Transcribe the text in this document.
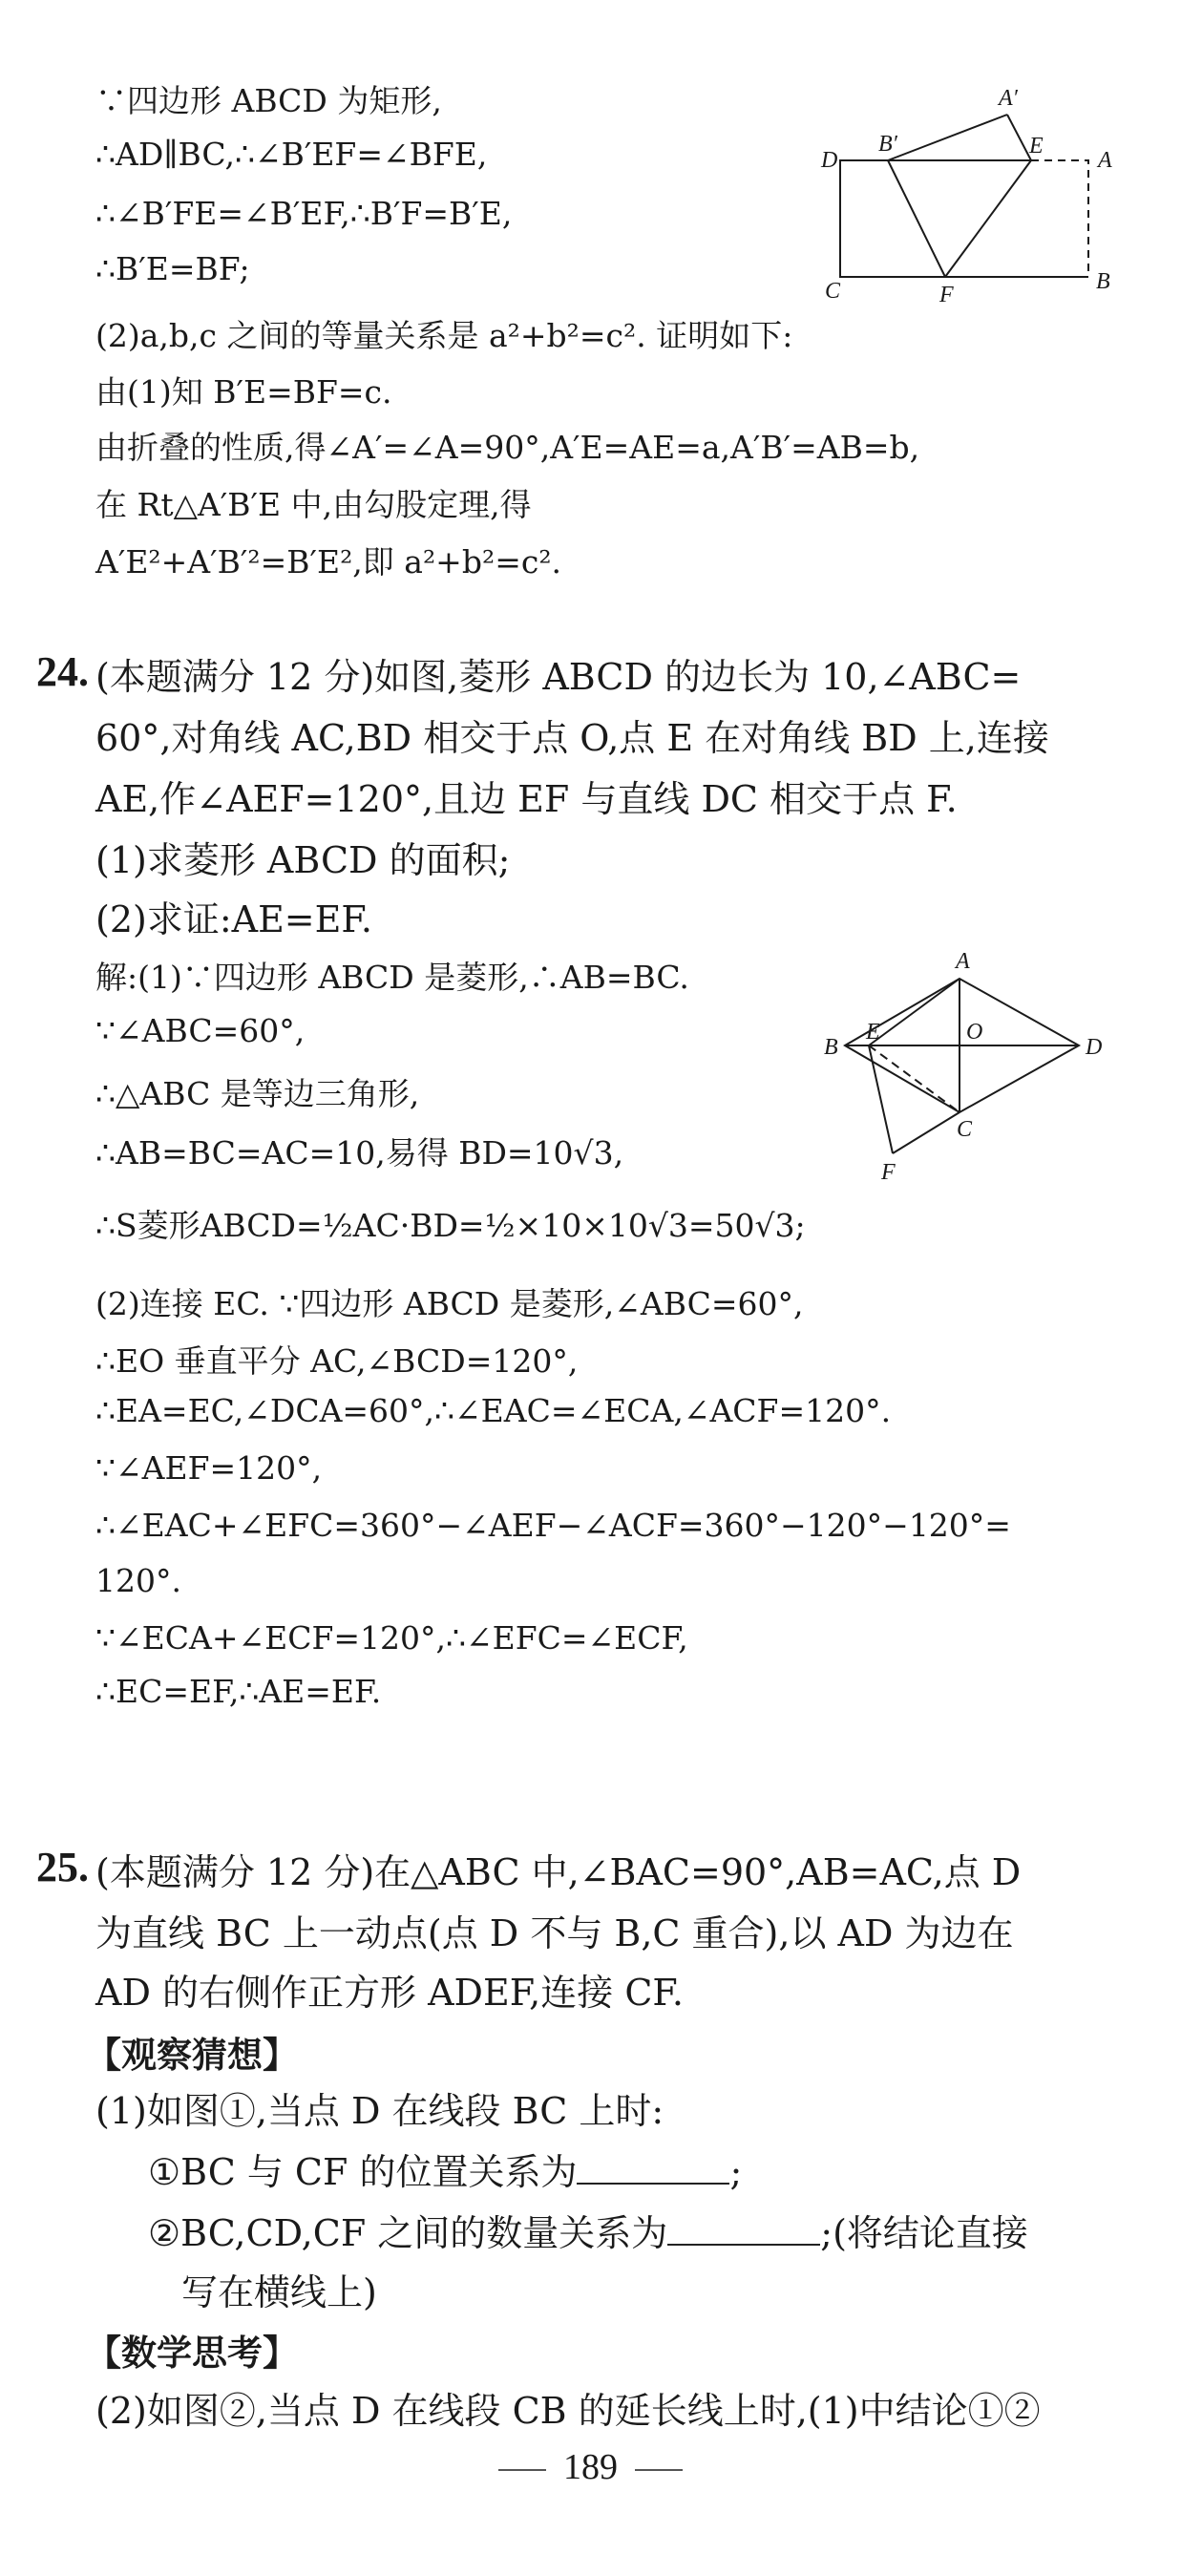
∵四边形 ABCD 为矩形,
∴AD∥BC,∴∠B′EF=∠BFE,
∴∠B′FE=∠B′EF,∴B′F=B′E,
∴B′E=BF;
(2)a,b,c 之间的等量关系是 a²+b²=c². 证明如下:
由(1)知 B′E=BF=c.
由折叠的性质,得∠A′=∠A=90°,A′E=AE=a,A′B′=AB=b,
在 Rt△A′B′E 中,由勾股定理,得
A′E²+A′B′²=B′E²,即 a²+b²=c².
D
B′
A′
E
A
C	F
B
24. (本题满分 12 分)如图,菱形 ABCD 的边长为 10,∠ABC=
60°,对角线 AC,BD 相交于点 O,点 E 在对角线 BD 上,连接
AE,作∠AEF=120°,且边 EF 与直线 DC 相交于点 F.
(1)求菱形 ABCD 的面积;
(2)求证:AE=EF.
解:(1)∵四边形 ABCD 是菱形,∴AB=BC.
∵∠ABC=60°,
∴△ABC 是等边三角形,
∴AB=BC=AC=10,易得 BD=10√3,
∴S菱形ABCD=½AC·BD=½×10×10√3=50√3;
(2)连接 EC. ∵四边形 ABCD 是菱形,∠ABC=60°,
∴EO 垂直平分 AC,∠BCD=120°,
∴EA=EC,∠DCA=60°,∴∠EAC=∠ECA,∠ACF=120°.
∵∠AEF=120°,
∴∠EAC+∠EFC=360°−∠AEF−∠ACF=360°−120°−120°=
120°.
∵∠ECA+∠ECF=120°,∴∠EFC=∠ECF,
∴EC=EF,∴AE=EF.
B
E
A
O
D
C
F
25. (本题满分 12 分)在△ABC 中,∠BAC=90°,AB=AC,点 D
为直线 BC 上一动点(点 D 不与 B,C 重合),以 AD 为边在
AD 的右侧作正方形 ADEF,连接 CF.
【观察猜想】
(1)如图①,当点 D 在线段 BC 上时:
①BC 与 CF 的位置关系为	;
②BC,CD,CF 之间的数量关系为	;(将结论直接
写在横线上)
【数学思考】
(2)如图②,当点 D 在线段 CB 的延长线上时,(1)中结论①②
189
